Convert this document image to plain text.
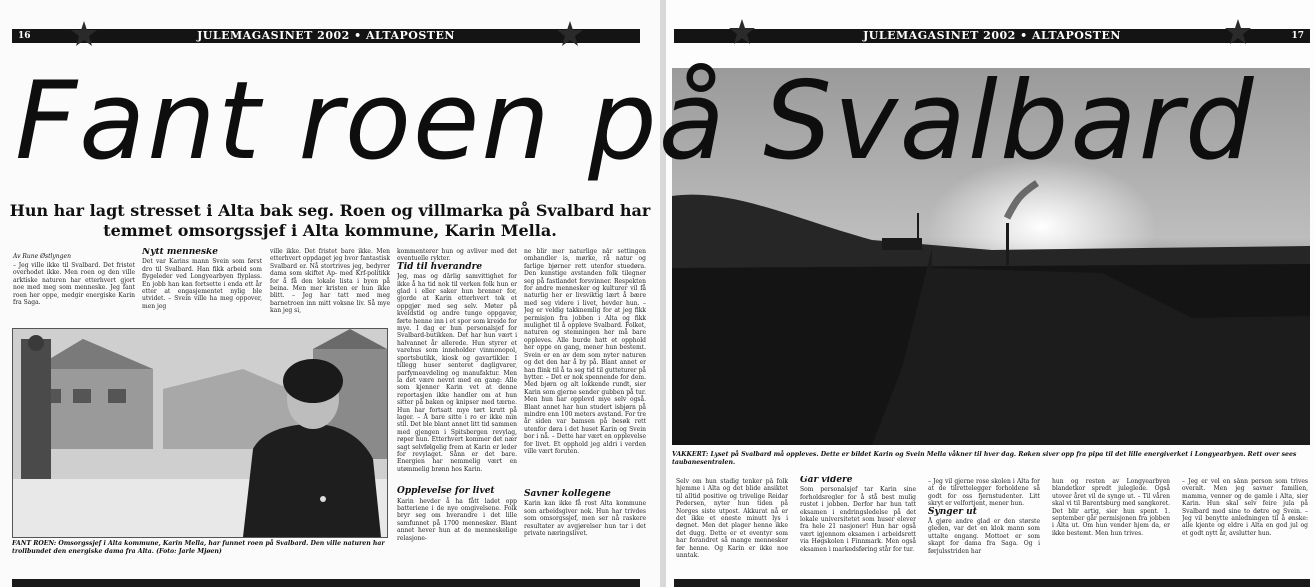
16	JULEMAGASINET 2002 • ALTAPOSTEN	JULEMAGASINET 2002 • ALTAPOSTEN	17
Fant roen på Svalbard
Hun har lagt stresset i Alta bak seg. Roen og villmarka på Svalbard har temmet omsorgssjef i Alta kommune, Karin Mella.
Av Rune Østlyngen

– Jeg ville ikke til Svalbard. Det fristet overhodet ikke. Men roen og den ville arktiske naturen har etterhvert gjort noe med meg som menneske. Jeg fant roen her oppe, medgir energiske Karin fra Saga.

Nytt menneske

Det var Karins mann Svein som først dro til Svalbard. Han fikk arbeid som flygeleder ved Longyearbyen flyplass. En jobb han kan fortsette i enda ett år etter at engasjementet nylig ble utvidet. – Svein ville ha meg oppover, men jeg

ville ikke. Det fristet bare ikke. Men etterhvert oppdaget jeg hvor fantastisk Svalbard er. Nå stortrives jeg, bedyrer dama som skiftet Ap- med Krf-politikk for å få den lokale lista i byen på beina. Men mer kristen er hun ikke blitt. – Jeg har tatt med meg barnetroen inn mitt voksne liv. Så mye kan jeg si,

kommenterer hun og avliver med det eventuelle rykter.

Tid til hverandre

Jeg, mas og dårlig samvittighet for ikke å ha tid nok til verken folk hun er glad i eller saker hun brenner for, gjorde at Karin etterhvert tok et oppgjør med seg selv. Møter på kveldstid og andre tunge oppgaver, førte henne inn i et spor som kreide for mye. I dag er hun personalsjef for Svalbard-butikken. Det har hun vært i halvannet år allerede. Hun styrer et varehus som inneholder vinmonopol, sportsbutikk, kiosk og gavartikler. I tillegg huser senteret dagligvarer, parfymeavdeling og manufaktur. Men la det være nevnt med en gang: Alle som kjenner Karin vet at denne reportasjen ikke handler om at hun sitter på baken og knipser med tærne. Hun har fortsatt mye tørt krutt på lager. – Å bare sitte i ro er ikke min stil. Det ble blant annet litt tid sammen med gjengen i Spitsbergen revylag, røper hun. Etterhvert kommer det nær sagt selvfølgelig frem at Karin er leder for revylaget. Sånn er det bare. Energien har nemmelig vært en utømmelig brønn hos Karin.

Opplevelse for livet

Karin hevder å ha fått ladet opp batteriene i de nye omgivelsene. Folk bryr seg om hverandre i det lille samfunnet på 1700 mennesker. Blant annet hever hun at de menneskelige relasjone-

ne blir mer naturlige når settingen omhandler is, mørke, rå natur og farlige bjørner rett utenfor stuedøra. Den kunstige avstanden folk tilegner seg på fastlandet forsvinner. Respekten for andre mennesker og kulturer vil få naturlig her er livsviktig lært å bære med seg videre i livet, hevder hun. – Jeg er veldig takknemlig for at jeg fikk permisjon fra jobben i Alta og fikk mulighet til å oppleve Svalbard. Folket, naturen og stemningen her må bare oppleves. Alle burde hatt et opphold her oppe en gang, mener hun bestemt. Svein er en av dem som nyter naturen og det den har å by på. Blant annet er han flink til å ta seg tid til gutteturer på hytter. – Det er nok spennende for dem. Med bjørn og alt lokkende rundt, sier Karin som gjerne sender gubben på tur. Men hun har opplevd mye selv også. Blant annet har hun studert isbjørn på mindre enn 100 meters avstand. For tre år siden var bamsen på besøk rett utenfor døra i det huset Karin og Svein bor i nå. – Dette har vært en opplevelse for livet. Et opphold jeg aldri i verden ville vært foruten.

Savner kollegene

Karin kan ikke få rost Alta kommune som arbeidsgiver nok. Hun har trivdes som omsorgssjef, men ser nå raskere resultater av avgjørelser hun tar i det private næringslivet.

FANT ROEN: Omsorgssjef i Alta kommune, Karin Mella, har funnet roen på Svalbard. Den ville naturen har trollbundet den energiske dama fra Alta. (Foto: Jarle Mjøen)
VAKKERT: Lyset på Svalbard må oppleves. Dette er bildet Karin og Svein Mella våkner til hver dag. Røken siver opp fra pipa til det lille energiverket i Longyearbyen. Rett over sees taubanesentralen.

Selv om hun stadig tenker på folk hjemme i Alta og det blide ansiktet til alltid positive og trivelige Reidar Pedersen, nyter hun tiden på Norges siste utpost. Akkurat nå er det ikke et eneste minutt lys i døgnet. Men det plager henne ikke det dugg. Dette er et eventyr som har forandret så mange mennesker før henne. Og Karin er ikke noe unntak.

Går videre

Som personalsjef tar Karin sine forholdsregler for å stå best mulig rustet i jobben. Derfor har hun tatt eksamen i endringsledelse på det lokale universitetet som huser elever fra hele 21 nasjoner! Hun har også vært igjennom eksamen i arbeidsrett via Høgskolen i Finnmark. Men også eksamen i markedsføring står for tur.

– Jeg vil gjerne rose skolen i Alta for at de tilrettelegger forholdene så godt for oss fjernstudenter. Litt skryt er velfortjent, mener hun.

Synger ut

Å gjøre andre glad er den største gleden, var det en klok mann som uttalte engang. Mottoet er som skapt for dama fra Saga. Og i førjulsstriden har

hun og resten av Longyearbyen blandetkor spredt juleglede. Også utover året vil de synge ut. – Til våren skal vi til Barentsburg med sangkoret. Det blir artig, sier hun spent. 1. september går permisjonen fra jobben i Alta ut. Om hun vender hjem da, er ikke bestemt. Men hun trives.

– Jeg er vel en sånn person som trives overalt. Men jeg savner familien, mamma, venner og de gamle i Alta, sier Karin. Hun skal selv feire jula på Svalbard med sine to døtre og Svein. – Jeg vil benytte anledningen til å ønske: alle kjente og eldre i Alta en god jul og et godt nytt år, avslutter hun.
